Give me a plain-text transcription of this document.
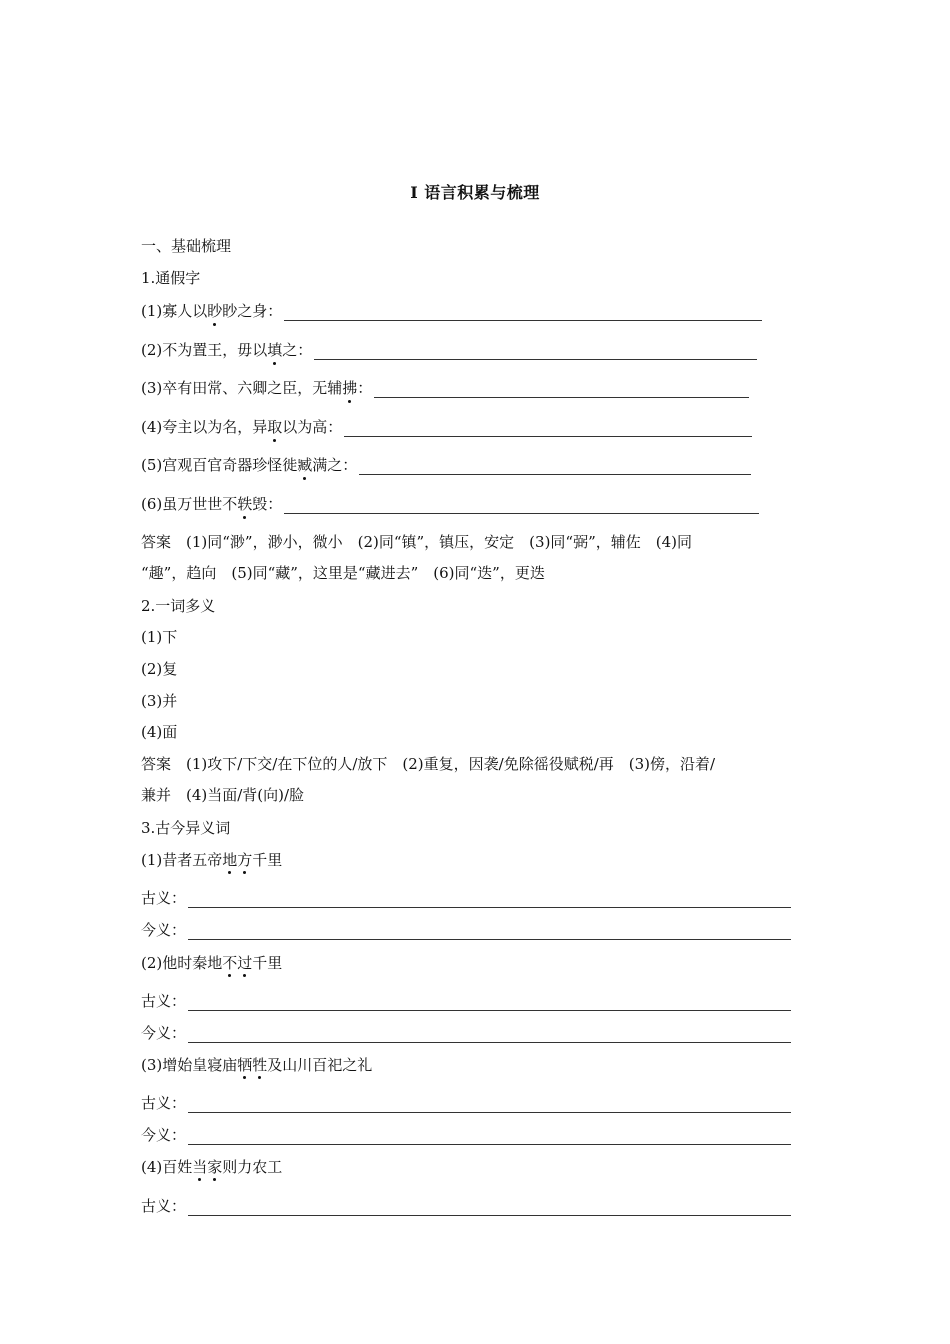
Ⅰ 语言积累与梳理
一、基础梳理
1.通假字
(1)寡人以 眇 眇之身：
(2)不为置王，毋以 填 之：
(3)卒有田常、六卿之臣，无辅 拂 ：
(4)夸主以为名，异 取 以为高：
(5)宫观百官奇器珍怪徙 臧 满之：
(6)虽万世世不 轶 毁：
答案　(1)同“渺”，渺小，微小　(2)同“镇”，镇压，安定　(3)同“弼”，辅佐　(4)同
“趣”，趋向　(5)同“藏”，这里是“藏进去”　(6)同“迭”，更迭
2.一词多义
(1)下
(2)复
(3)并
(4)面
答案　(1)攻下/下交/在下位的人/放下　(2)重复，因袭/免除徭役赋税/再　(3)傍，沿着/
兼并　(4)当面/背(向)/脸
3.古今异义词
(1)昔者五帝地方千里
古义：
今义：
(2)他时秦地不过千里
古义：
今义：
(3)增始皇寝庙牺牲及山川百祀之礼
古义：
今义：
(4)百姓当家则力农工
古义：
